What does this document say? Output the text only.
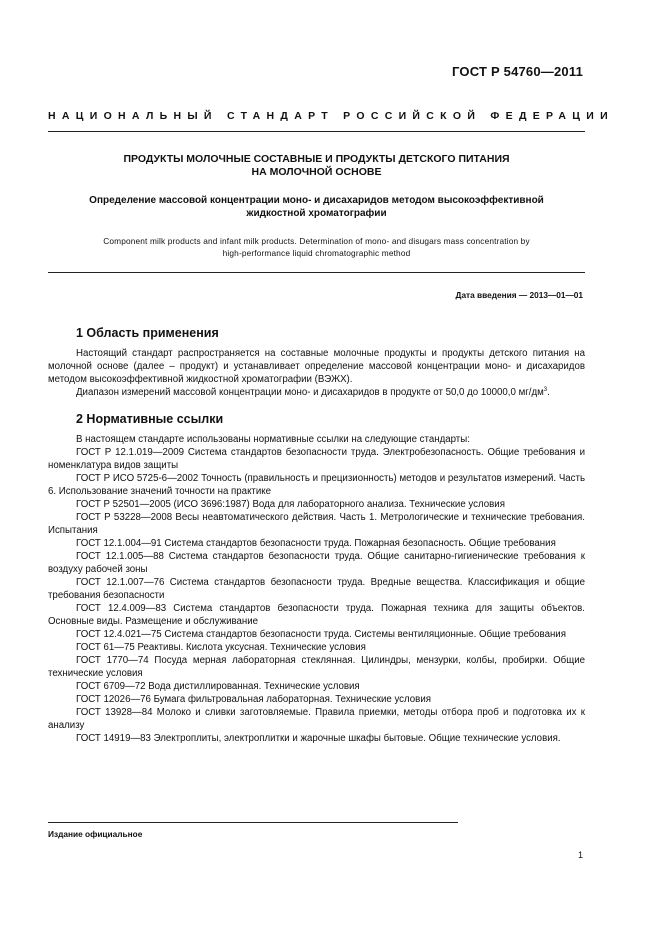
ГОСТ Р 54760—2011
НАЦИОНАЛЬНЫЙ СТАНДАРТ РОССИЙСКОЙ ФЕДЕРАЦИИ
ПРОДУКТЫ МОЛОЧНЫЕ СОСТАВНЫЕ И ПРОДУКТЫ ДЕТСКОГО ПИТАНИЯ
НА МОЛОЧНОЙ ОСНОВЕ
Определение массовой концентрации моно- и дисахаридов методом высокоэффективной
жидкостной хроматографии
Component milk products and infant milk products. Determination of mono- and disugars mass concentration by
high-performance liquid chromatographic method
Дата введения — 2013—01—01
1 Область применения

Настоящий стандарт распространяется на составные молочные продукты и продукты детского питания на молочной основе (далее – продукт) и устанавливает определение массовой концентрации моно- и дисахаридов методом высокоэффективной жидкостной хроматографии (ВЭЖХ).

Диапазон измерений массовой концентрации моно- и дисахаридов в продукте от 50,0 до 10000,0 $мг/дм^3$.

2 Нормативные ссылки

В настоящем стандарте использованы нормативные ссылки на следующие стандарты:

ГОСТ Р 12.1.019—2009 Система стандартов безопасности труда. Электробезопасность. Общие требования и номенклатура видов защиты

ГОСТ Р ИСО 5725-6—2002 Точность (правильность и прецизионность) методов и результатов измерений. Часть 6. Использование значений точности на практике

ГОСТ Р 52501—2005 (ИСО 3696:1987) Вода для лабораторного анализа. Технические условия

ГОСТ Р 53228—2008 Весы неавтоматического действия. Часть 1. Метрологические и технические требования. Испытания

ГОСТ 12.1.004—91 Система стандартов безопасности труда. Пожарная безопасность. Общие требования

ГОСТ 12.1.005—88 Система стандартов безопасности труда. Общие санитарно-гигиенические требования к воздуху рабочей зоны

ГОСТ 12.1.007—76 Система стандартов безопасности труда. Вредные вещества. Классификация и общие требования безопасности

ГОСТ 12.4.009—83 Система стандартов безопасности труда. Пожарная техника для защиты объектов. Основные виды. Размещение и обслуживание

ГОСТ 12.4.021—75 Система стандартов безопасности труда. Системы вентиляционные. Общие требования

ГОСТ 61—75 Реактивы. Кислота уксусная. Технические условия

ГОСТ 1770—74 Посуда мерная лабораторная стеклянная. Цилиндры, мензурки, колбы, пробирки. Общие технические условия

ГОСТ 6709—72 Вода дистиллированная. Технические условия

ГОСТ 12026—76 Бумага фильтровальная лабораторная. Технические условия

ГОСТ 13928—84 Молоко и сливки заготовляемые. Правила приемки, методы отбора проб и подготовка их к анализу

ГОСТ 14919—83 Электроплиты, электроплитки и жарочные шкафы бытовые. Общие технические условия.

Издание официальное
1
